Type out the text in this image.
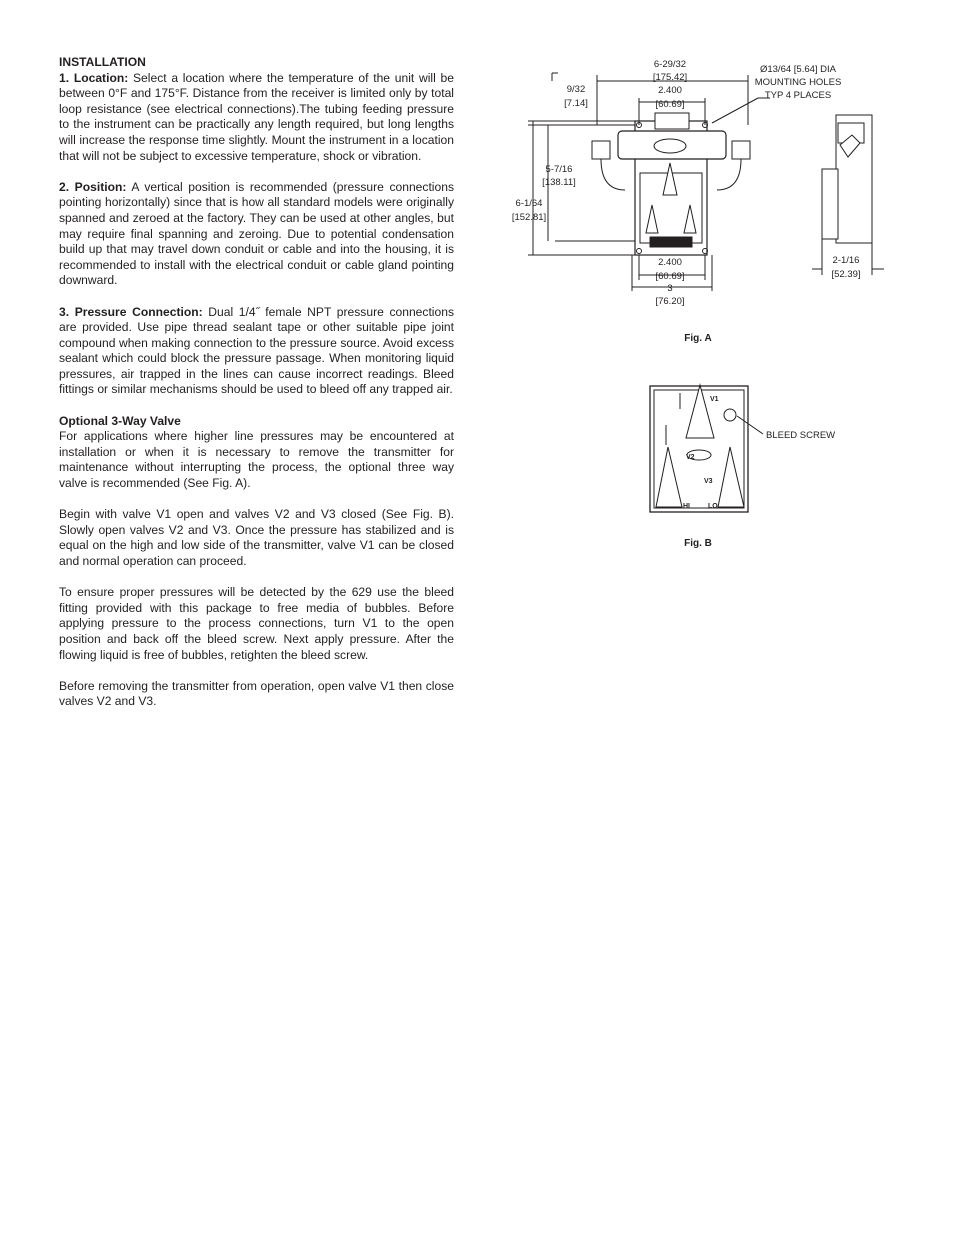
INSTALLATION

1. Location: Select a location where the temperature of the unit will be between 0°F and 175°F. Distance from the receiver is limited only by total loop resistance (see electrical connections).The tubing feeding pressure to the instrument can be practically any length required, but long lengths will increase the response time slightly. Mount the instrument in a location that will not be subject to excessive temperature, shock or vibration.

2. Position: A vertical position is recommended (pressure connections pointing horizontally) since that is how all standard models were originally spanned and zeroed at the factory. They can be used at other angles, but may require final spanning and zeroing. Due to potential condensation build up that may travel down conduit or cable and into the housing, it is recommended to install with the electrical conduit or cable gland pointing downward.

3. Pressure Connection: Dual 1/4˝ female NPT pressure connections are provided. Use pipe thread sealant tape or other suitable pipe joint compound when making connection to the pressure source. Avoid excess sealant which could block the pressure passage. When monitoring liquid pressures, air trapped in the lines can cause incorrect readings. Bleed fittings or similar mechanisms should be used to bleed off any trapped air.

Optional 3-Way Valve

For applications where higher line pressures may be encountered at installation or when it is necessary to remove the transmitter for maintenance without interrupting the process, the optional three way valve is recommended (See Fig. A).

Begin with valve V1 open and valves V2 and V3 closed (See Fig. B). Slowly open valves V2 and V3. Once the pressure has stabilized and is equal on the high and low side of the transmitter, valve V1 can be closed and normal operation can proceed.

To ensure proper pressures will be detected by the 629 use the bleed fitting provided with this package to free media of bubbles. Before applying pressure to the process connections, turn V1 to the open position and back off the bleed screw. Next apply pressure. After the flowing liquid is free of bubbles, retighten the bleed screw.

Before removing the transmitter from operation, open valve V1 then close valves V2 and V3.

6-29/32
[175.42]
2.400
[60.69]
9/32
[7.14]
5-7/16
[138.11]
6-1/64
[152.81]
2.400
[60.69]
3
[76.20]
Ø13/64 [5.64] DIA
MOUNTING HOLES
TYP 4 PLACES
2-1/16
[52.39]
Fig. A
BLEED SCREW
V1
V2
V3
HI	LO
Fig. B
